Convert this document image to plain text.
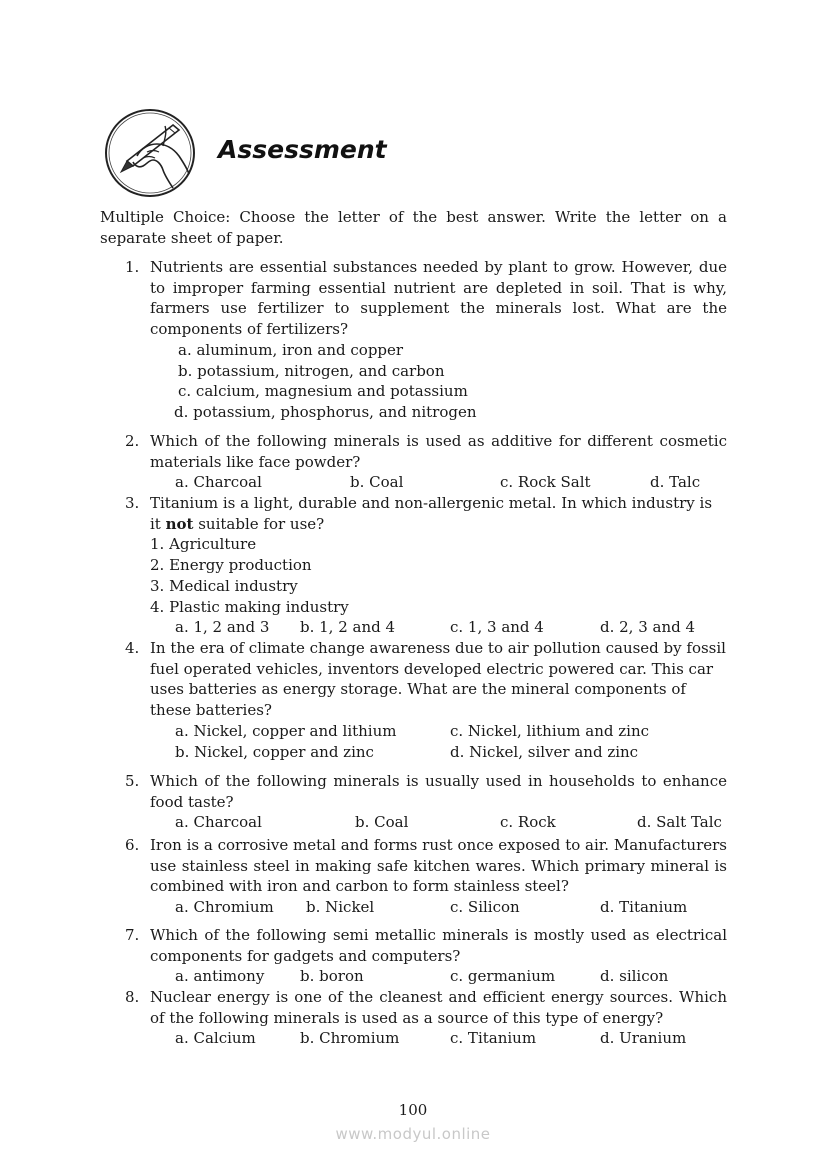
Assessment
Multiple Choice: Choose the letter of the best answer. Write the letter on a separate sheet of paper.
1. Nutrients are essential substances needed by plant to grow. However, due to improper farming essential nutrient are depleted in soil. That is why, farmers use fertilizer to supplement the minerals lost. What are the components of fertilizers?
a. aluminum, iron and copper
b. potassium, nitrogen, and carbon
c. calcium, magnesium and potassium
d. potassium, phosphorus, and nitrogen
2. Which of the following minerals is used as additive for different cosmetic materials like face powder?
a. Charcoal	b. Coal	c. Rock Salt	d. Talc
3. Titanium is a light, durable and non-allergenic metal. In which industry is it not suitable for use?
1. Agriculture
2. Energy production
3. Medical industry
4. Plastic making industry
a. 1, 2 and 3 b. 1, 2 and 4	c. 1, 3 and 4	d. 2, 3 and 4
4. In the era of climate change awareness due to air pollution caused by fossil fuel operated vehicles, inventors developed electric powered car. This car uses batteries as energy storage. What are the mineral components of these batteries?
a. Nickel, copper and lithium	c. Nickel, lithium and zinc
b. Nickel, copper and zinc	d. Nickel, silver and zinc
5. Which of the following minerals is usually used in households to enhance food taste?
a. Charcoal	b. Coal	c. Rock	d. Salt Talc
6. Iron is a corrosive metal and forms rust once exposed to air. Manufacturers use stainless steel in making safe kitchen wares. Which primary mineral is combined with iron and carbon to form stainless steel?
a. Chromium b. Nickel	c. Silicon	d. Titanium
7. Which of the following semi metallic minerals is mostly used as electrical components for gadgets and computers?
a. antimony b. boron	c. germanium	d. silicon
8. Nuclear energy is one of the cleanest and efficient energy sources. Which of the following minerals is used as a source of this type of energy?
a. Calcium	b. Chromium	c. Titanium	d. Uranium
100
www.modyul.online
